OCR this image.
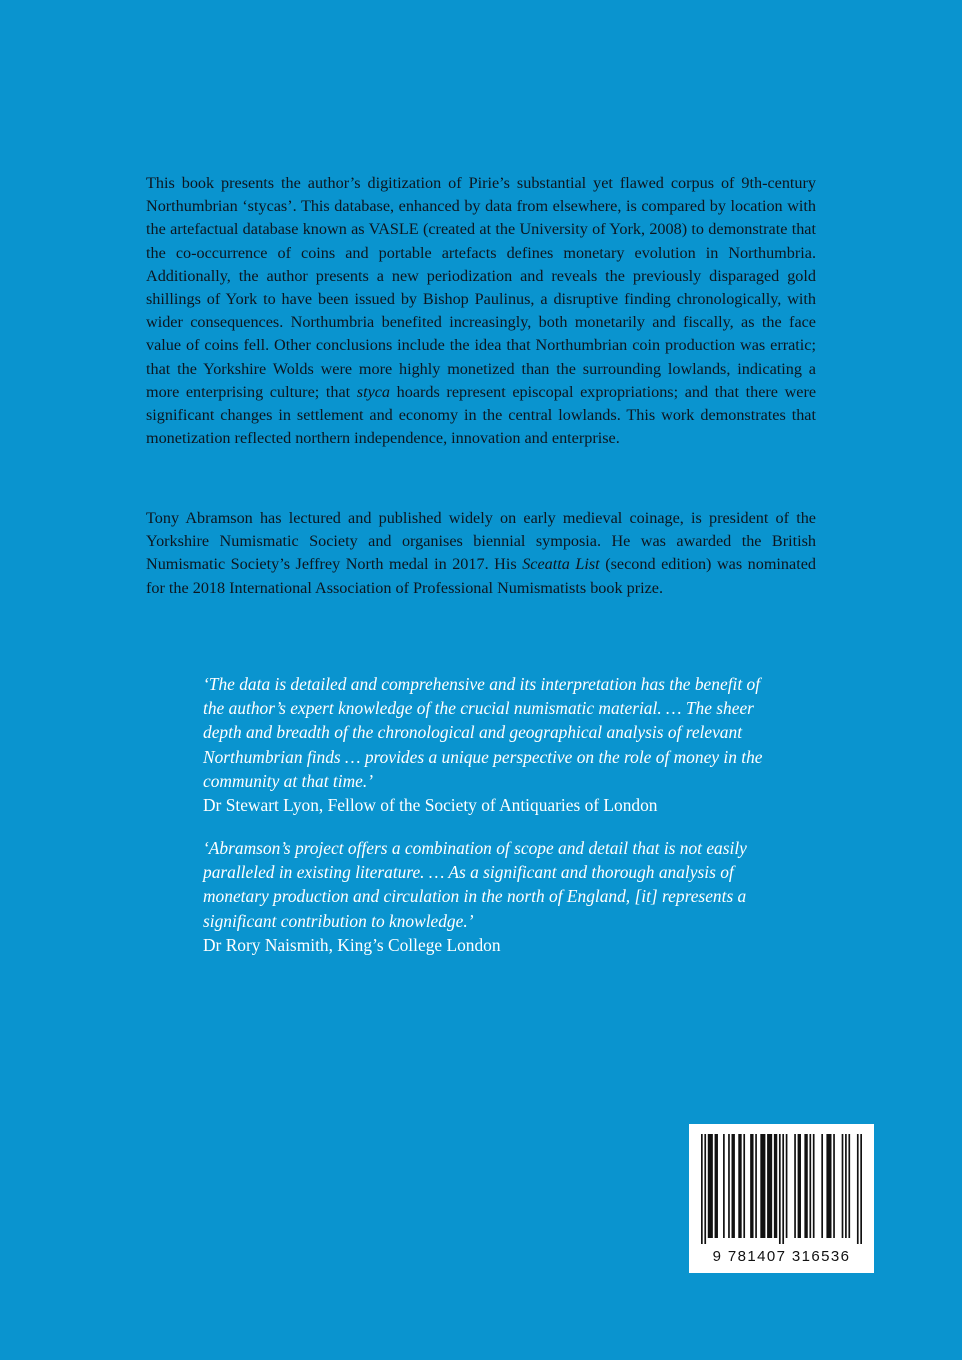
This book presents the author’s digitization of Pirie’s substantial yet flawed corpus of 9th-century Northumbrian ‘stycas’. This database, enhanced by data from elsewhere, is compared by location with the artefactual database known as VASLE (created at the University of York, 2008) to demonstrate that the co-occurrence of coins and portable artefacts defines monetary evolution in Northumbria. Additionally, the author presents a new periodization and reveals the previously disparaged gold shillings of York to have been issued by Bishop Paulinus, a disruptive finding chronologically, with wider consequences. Northumbria benefited increasingly, both monetarily and fiscally, as the face value of coins fell. Other conclusions include the idea that Northumbrian coin production was erratic; that the Yorkshire Wolds were more highly monetized than the surrounding lowlands, indicating a more enterprising culture; that styca hoards represent episcopal expropriations; and that there were significant changes in settlement and economy in the central lowlands. This work demonstrates that monetization reflected northern independence, innovation and enterprise.

Tony Abramson has lectured and published widely on early medieval coinage, is president of the Yorkshire Numismatic Society and organises biennial symposia. He was awarded the British Numismatic Society’s Jeffrey North medal in 2017. His Sceatta List (second edition) was nominated for the 2018 International Association of Professional Numismatists book prize.

‘The data is detailed and comprehensive and its interpretation has the benefit of the author’s expert knowledge of the crucial numismatic material. … The sheer depth and breadth of the chronological and geographical analysis of relevant Northumbrian finds … provides a unique perspective on the role of money in the community at that time.’
Dr Stewart Lyon, Fellow of the Society of Antiquaries of London
‘Abramson’s project offers a combination of scope and detail that is not easily paralleled in existing literature. … As a significant and thorough analysis of monetary production and circulation in the north of England, [it] represents a significant contribution to knowledge.’
Dr Rory Naismith, King’s College London
9 781407 316536
